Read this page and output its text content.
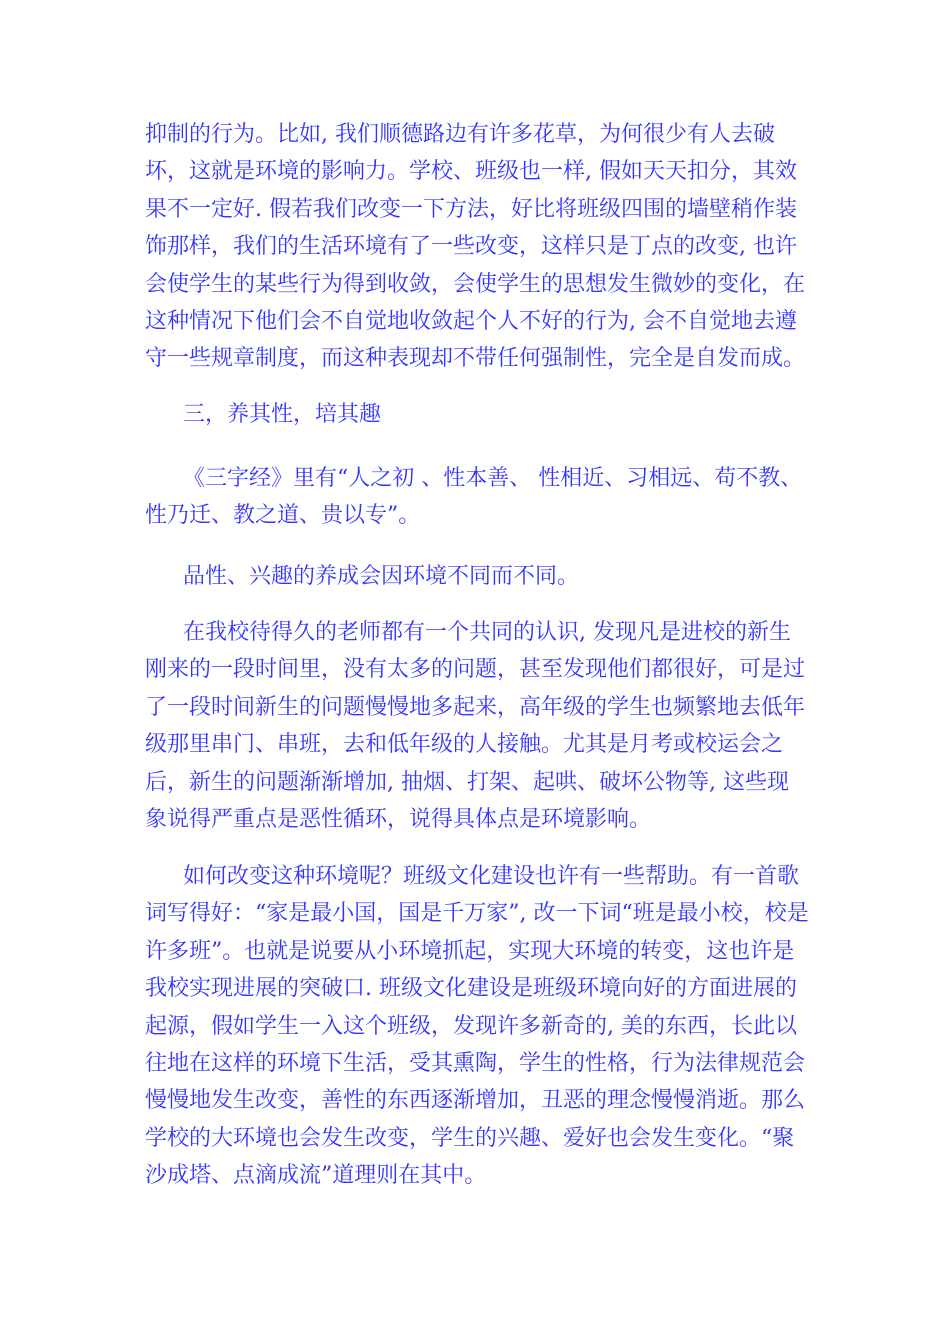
抑制的行为。比如, 我们顺德路边有许多花草，为何很少有人去破坏，这就是环境的影响力。学校、班级也一样, 假如天天扣分，其效果不一定好. 假若我们改变一下方法，好比将班级四围的墙壁稍作装饰那样，我们的生活环境有了一些改变，这样只是丁点的改变, 也许会使学生的某些行为得到收敛，会使学生的思想发生微妙的变化，在这种情况下他们会不自觉地收敛起个人不好的行为, 会不自觉地去遵守一些规章制度，而这种表现却不带任何强制性，完全是自发而成。

三，养其性，培其趣

《三字经》里有“人之初 、性本善、 性相近、习相远、苟不教、性乃迁、教之道、贵以专”。

品性、兴趣的养成会因环境不同而不同。

在我校待得久的老师都有一个共同的认识, 发现凡是进校的新生刚来的一段时间里，没有太多的问题，甚至发现他们都很好，可是过了一段时间新生的问题慢慢地多起来，高年级的学生也频繁地去低年级那里串门、串班，去和低年级的人接触。尤其是月考或校运会之后，新生的问题渐渐增加, 抽烟、打架、起哄、破坏公物等, 这些现象说得严重点是恶性循环，说得具体点是环境影响。

如何改变这种环境呢？班级文化建设也许有一些帮助。有一首歌词写得好：“家是最小国，国是千万家”, 改一下词“班是最小校，校是许多班”。也就是说要从小环境抓起，实现大环境的转变，这也许是我校实现进展的突破口. 班级文化建设是班级环境向好的方面进展的起源，假如学生一入这个班级，发现许多新奇的, 美的东西，长此以往地在这样的环境下生活，受其熏陶，学生的性格，行为法律规范会慢慢地发生改变，善性的东西逐渐增加，丑恶的理念慢慢消逝。那么学校的大环境也会发生改变，学生的兴趣、爱好也会发生变化。“聚沙成塔、点滴成流”道理则在其中。
